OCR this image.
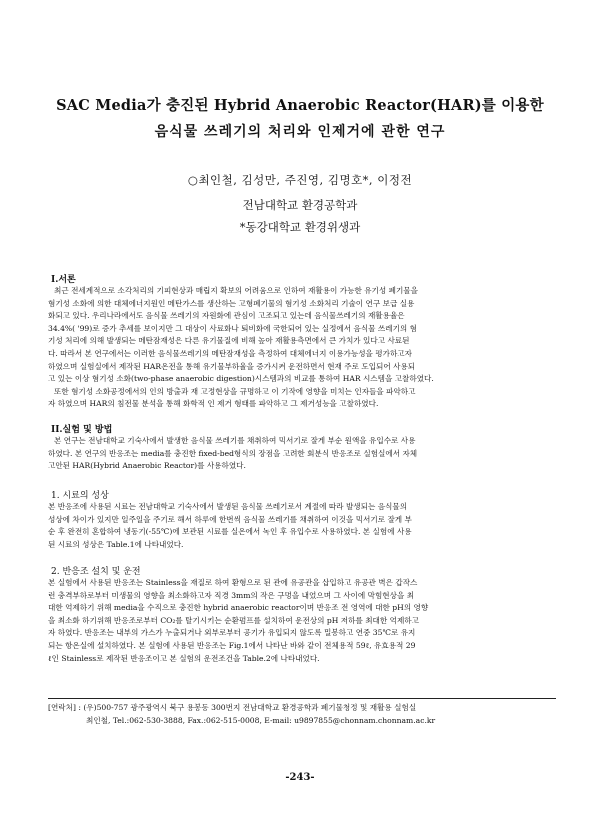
SAC Media가 충진된 Hybrid Anaerobic Reactor(HAR)를 이용한
음식물 쓰레기의 처리와 인제거에 관한 연구
○최인철, 김성만, 주진영, 김명호*, 이정전
전남대학교 환경공학과
*동강대학교 환경위생과
I.서론
최근 전세계적으로 소각처리의 기피현상과 매립지 확보의 어려움으로 인하여 재활용이 가능한 유기성 폐기물을
혐기성 소화에 의한 대체에너지원인 메탄가스를 생산하는 고형폐기물의 혐기성 소화처리 기술이 연구 보급 실용
화되고 있다. 우리나라에서도 음식물 쓰레기의 자원화에 관심이 고조되고 있는데 음식물쓰레기의 재활용율은
34.4%( '99)로 증가 추세를 보이지만 그 대상이 사료화나 퇴비화에 국한되어 있는 실정에서 음식물 쓰레기의 혐
기성 처리에 의해 발생되는 메탄잠재성은 다른 유기물질에 비해 높아 재활용측면에서 큰 가치가 있다고 사료된
다. 따라서 본 연구에서는 이러한 음식물쓰레기의 메탄잠재성을 측정하여 대체에너지 이용가능성을 평가하고자
하였으며 실험실에서 제작된 HAR온전을 통해 유기물부하율을 증가시켜 운전하면서 현재 주로 도입되어 사용되
고 있는 이상 혐기성 소화(two-phase anaerobic digestion)시스템과의 비교를 통하여 HAR 시스템을 고찰하였다.
또한 혐기성 소화공정에서의 인의 방출과 재 고정현상을 규명하고 이 기작에 영향을 미치는 인자들을 파악하고
자 하였으며 HAR의 침전물 분석을 통해 화학적 인 제거 형태를 파악하고 그 제거성능을 고찰하였다.
II.실험 및 방법
본 연구는 전남대학교 기숙사에서 발생한 음식물 쓰레기를 채취하여 믹서기로 잘게 부순 원액을 유입수로 사용
하였다. 본 연구의 반응조는 media를 충진한 fixed-bed형식의 장점을 고려한 회분식 반응조로 실험실에서 자체
고안된 HAR(Hybrid Anaerobic Reactor)를 사용하였다.
1. 시료의 성상
본 반응조에 사용된 시료는 전남대학교 기숙사에서 발생된 음식물 쓰레기로서 계절에 따라 발생되는 음식물의
성상에 차이가 있지만 일주일을 주기로 해서 하루에 한번씩 음식물 쓰레기를 채취하여 이것을 믹서기로 잘게 부
순 후 완전히 혼합하여 냉동기(-55℃)에 보관된 시료를 실온에서 녹인 후 유입수로 사용하였다. 본 실험에 사용
된 시료의 성상은 Table.1에 나타내었다.
2. 반응조 설치 및 운전
본 실험에서 사용된 반응조는 Stainless을 재질로 하여 환형으로 된 관에 유공관을 삽입하고 유공관 벽은 갑작스
런 충격부하로부터 미생물의 영향을 최소화하고자 직경 3mm의 작은 구멍을 내었으며 그 사이에 막힘현상을 최
대한 억제하기 위해 media을 수직으로 충진한 hybrid anaerobic reactor이며 반응조 전 영역에 대한 pH의 영향
을 최소화 하기위해 반응조로부터 CO₂를 탈기시키는 순환펌프를 설치하여 운전상의 pH 저하를 최대한 억제하고
자 하였다. 반응조는 내부의 가스가 누출되거나 외부로부터 공기가 유입되지 않도록 밀봉하고 연중 35℃로 유지
되는 항온실에 설치하였다. 본 실험에 사용된 반응조는 Fig.1에서 나타난 바와 같이 전체용적 59ℓ, 유효용적 29
ℓ인 Stainless로 제작된 반응조이고 본 실험의 운전조건을 Table.2에 나타내었다.
[연락처] : (우)500-757 광주광역시 북구 용봉동 300번지 전남대학교 환경공학과 폐기물청정 및 재활용 실험실
최인철, Tel.:062-530-3888, Fax.:062-515-0008, E-mail: u9897855@chonnam.chonnam.ac.kr
-243-
